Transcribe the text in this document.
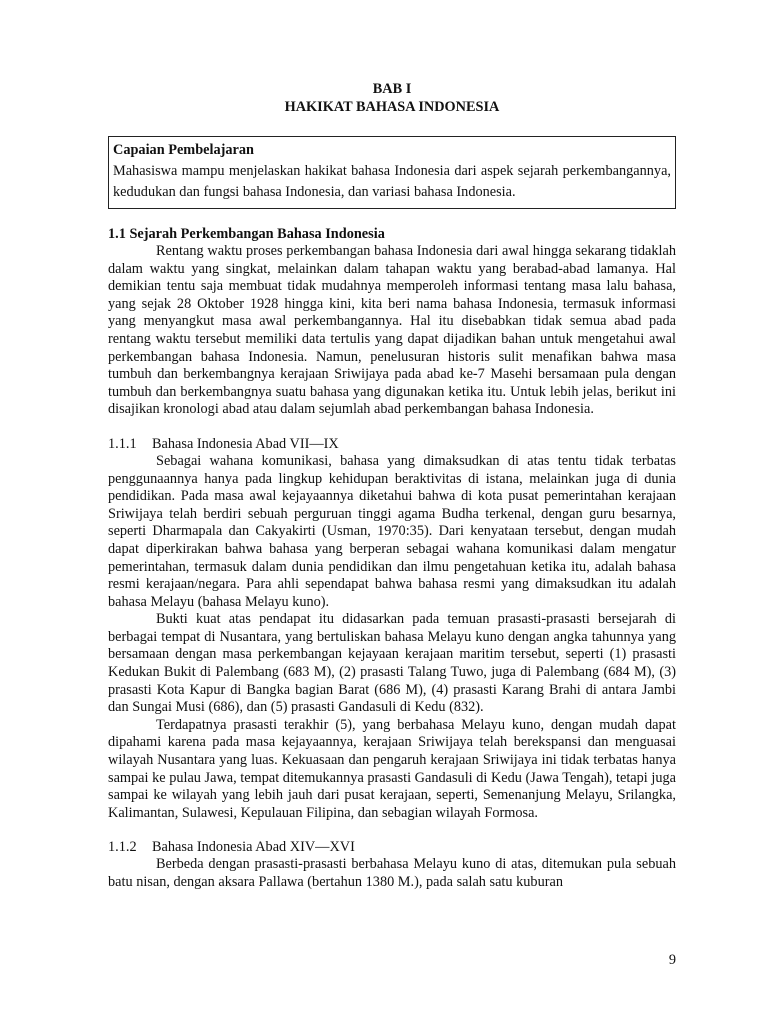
BAB I
HAKIKAT BAHASA INDONESIA
Capaian Pembelajaran
Mahasiswa mampu menjelaskan hakikat bahasa Indonesia dari aspek sejarah perkembangannya, kedudukan dan fungsi bahasa Indonesia, dan variasi bahasa Indonesia.
1.1 Sejarah Perkembangan Bahasa Indonesia

Rentang waktu proses perkembangan bahasa Indonesia dari awal hingga sekarang tidaklah dalam waktu yang singkat, melainkan dalam tahapan waktu yang berabad-abad lamanya. Hal demikian tentu saja membuat tidak mudahnya memperoleh informasi tentang masa lalu bahasa, yang sejak 28 Oktober 1928 hingga kini, kita beri nama bahasa Indonesia, termasuk informasi yang menyangkut masa awal perkembangannya. Hal itu disebabkan tidak semua abad pada rentang waktu tersebut memiliki data tertulis yang dapat dijadikan bahan untuk mengetahui awal perkembangan bahasa Indonesia. Namun, penelusuran historis sulit menafikan bahwa masa tumbuh dan berkembangnya kerajaan Sriwijaya pada abad ke-7 Masehi bersamaan pula dengan tumbuh dan berkembangnya suatu bahasa yang digunakan ketika itu. Untuk lebih jelas, berikut ini disajikan kronologi abad atau dalam sejumlah abad perkembangan bahasa Indonesia.

1.1.1 Bahasa Indonesia Abad VII—IX

Sebagai wahana komunikasi, bahasa yang dimaksudkan di atas tentu tidak terbatas penggunaannya hanya pada lingkup kehidupan beraktivitas di istana, melainkan juga di dunia pendidikan. Pada masa awal kejayaannya diketahui bahwa di kota pusat pemerintahan kerajaan Sriwijaya telah berdiri sebuah perguruan tinggi agama Budha terkenal, dengan guru besarnya, seperti Dharmapala dan Cakyakirti (Usman, 1970:35). Dari kenyataan tersebut, dengan mudah dapat diperkirakan bahwa bahasa yang berperan sebagai wahana komunikasi dalam mengatur pemerintahan, termasuk dalam dunia pendidikan dan ilmu pengetahuan ketika itu, adalah bahasa resmi kerajaan/negara. Para ahli sependapat bahwa bahasa resmi yang dimaksudkan itu adalah bahasa Melayu (bahasa Melayu kuno).

Bukti kuat atas pendapat itu didasarkan pada temuan prasasti-prasasti bersejarah di berbagai tempat di Nusantara, yang bertuliskan bahasa Melayu kuno dengan angka tahunnya yang bersamaan dengan masa perkembangan kejayaan kerajaan maritim tersebut, seperti (1) prasasti Kedukan Bukit di Palembang (683 M), (2) prasasti Talang Tuwo, juga di Palembang (684 M), (3) prasasti Kota Kapur di Bangka bagian Barat (686 M), (4) prasasti Karang Brahi di antara Jambi dan Sungai Musi (686), dan (5) prasasti Gandasuli di Kedu (832).

Terdapatnya prasasti terakhir (5), yang berbahasa Melayu kuno, dengan mudah dapat dipahami karena pada masa kejayaannya, kerajaan Sriwijaya telah berekspansi dan menguasai wilayah Nusantara yang luas. Kekuasaan dan pengaruh kerajaan Sriwijaya ini tidak terbatas hanya sampai ke pulau Jawa, tempat ditemukannya prasasti Gandasuli di Kedu (Jawa Tengah), tetapi juga sampai ke wilayah yang lebih jauh dari pusat kerajaan, seperti, Semenanjung Melayu, Srilangka, Kalimantan, Sulawesi, Kepulauan Filipina, dan sebagian wilayah Formosa.

1.1.2 Bahasa Indonesia Abad XIV—XVI

Berbeda dengan prasasti-prasasti berbahasa Melayu kuno di atas, ditemukan pula sebuah batu nisan, dengan aksara Pallawa (bertahun 1380 M.), pada salah satu kuburan

9
